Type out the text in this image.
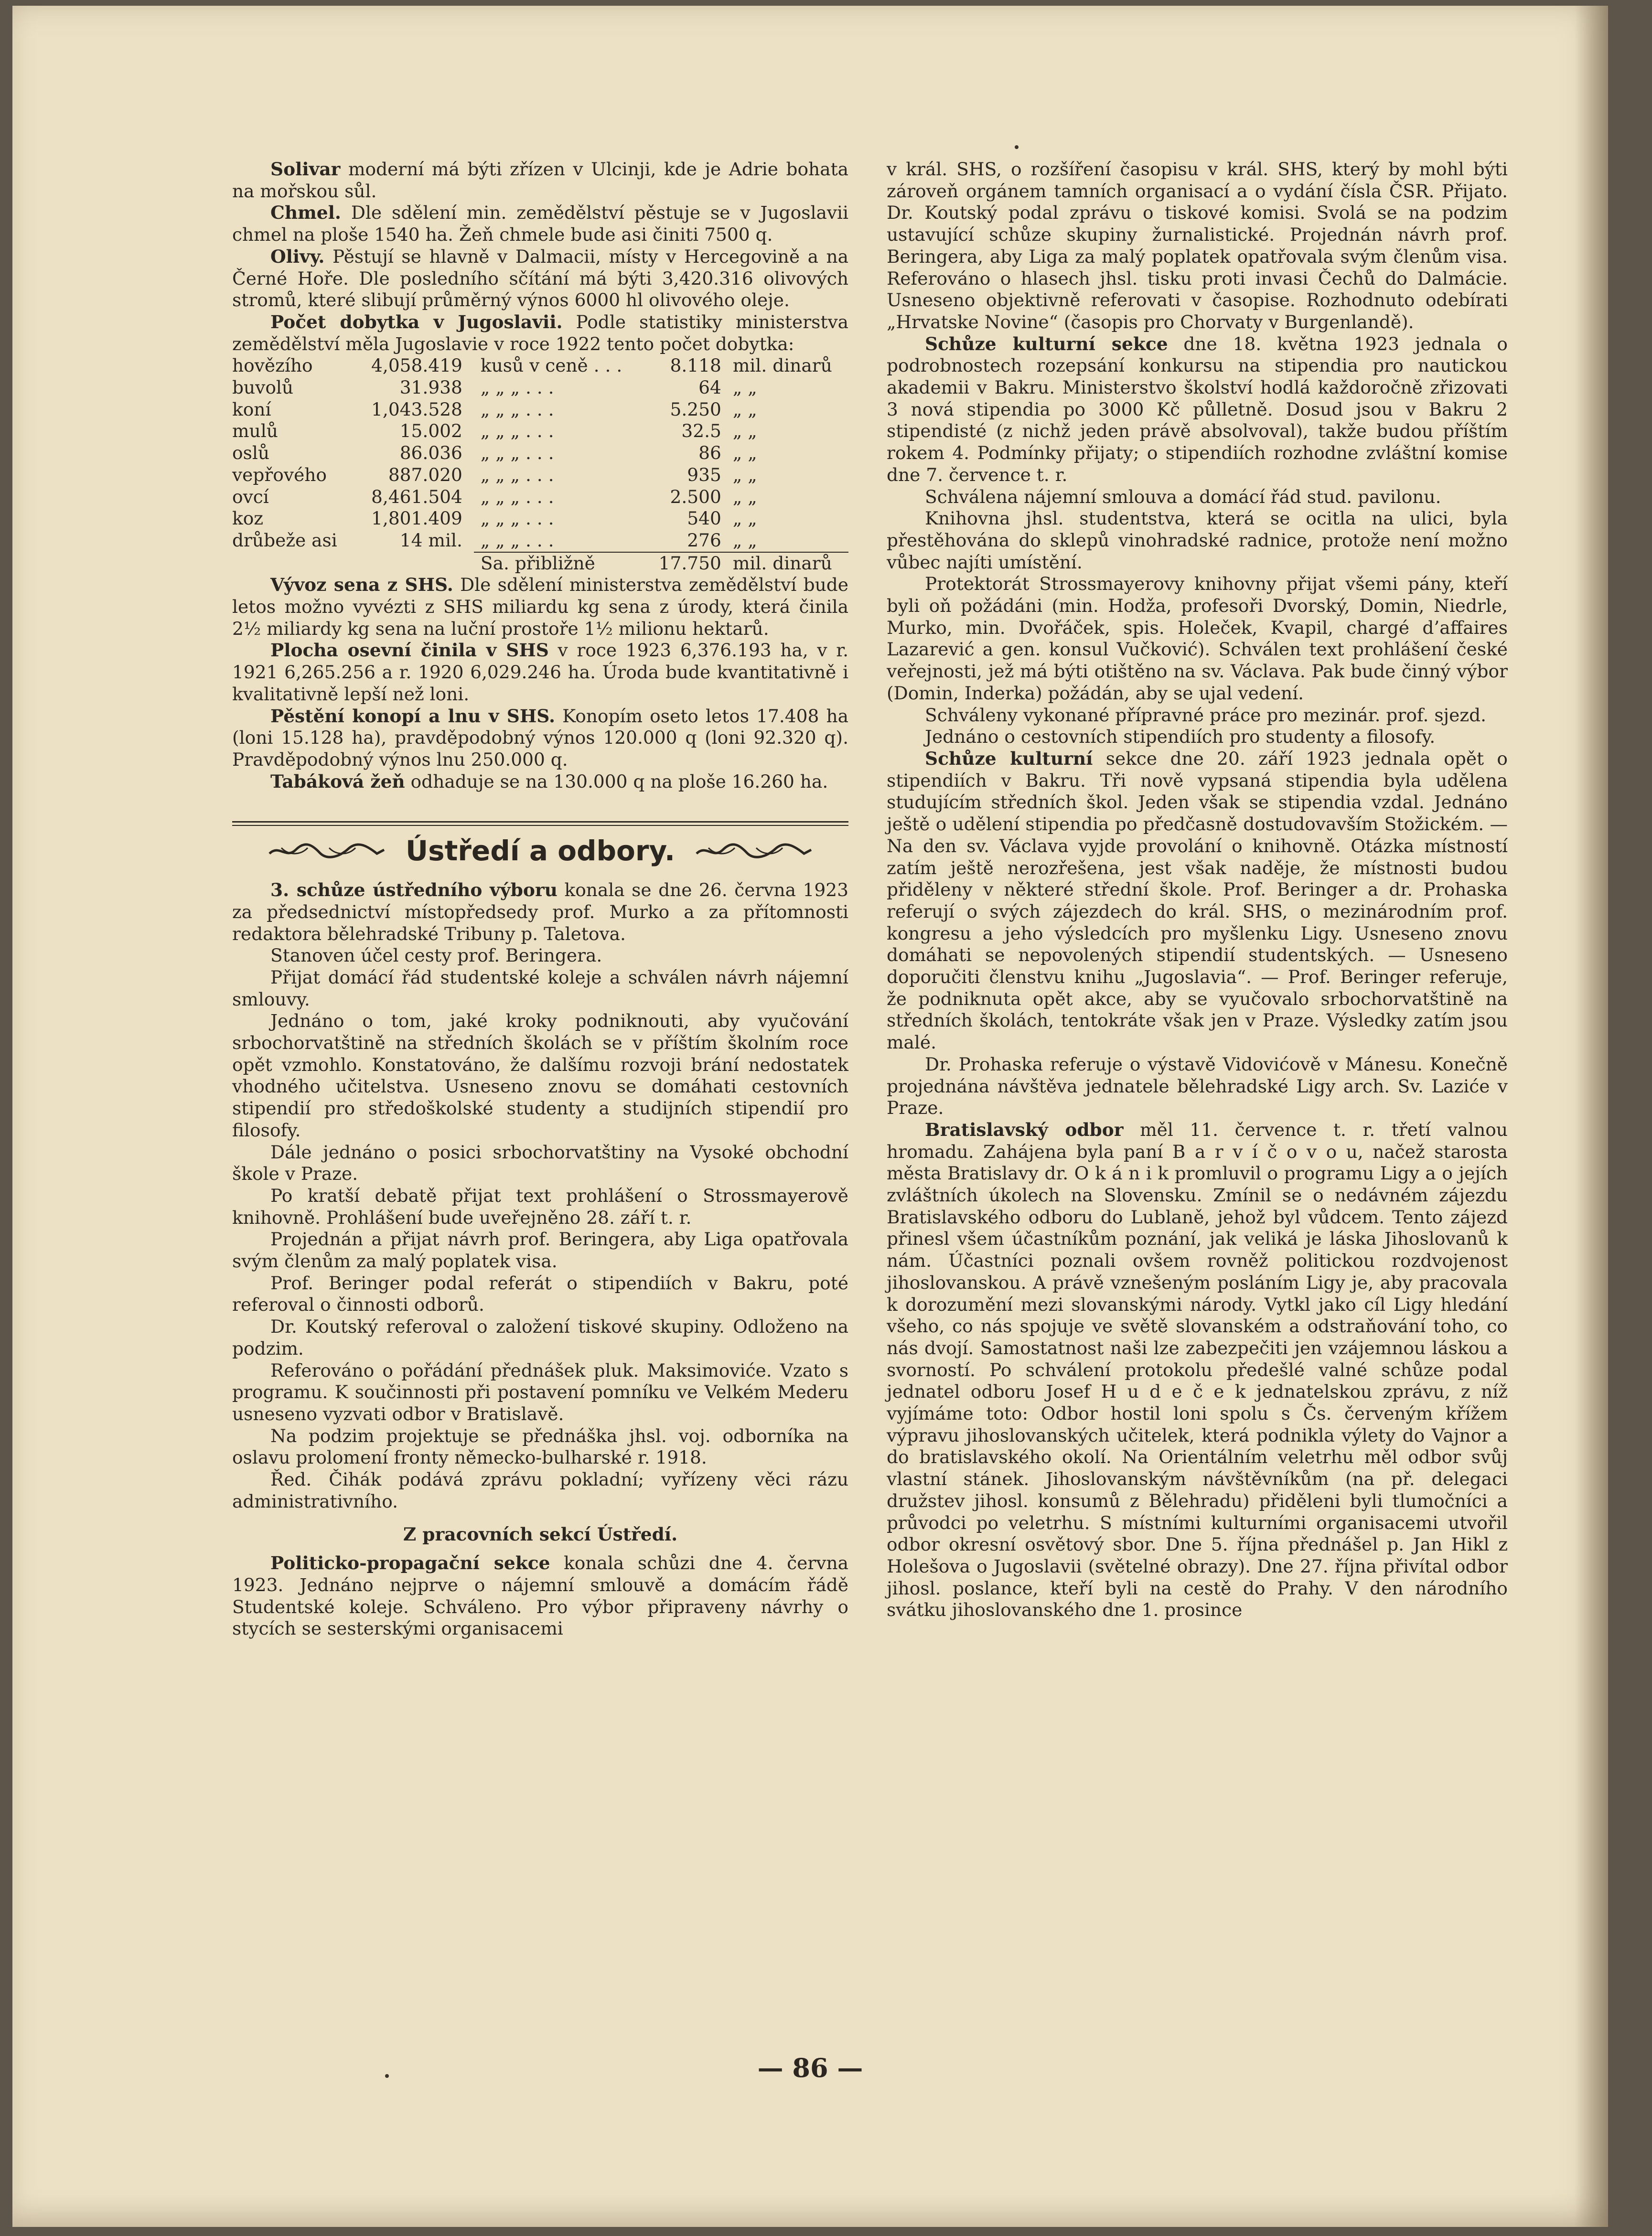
Solivar moderní má býti zřízen v Ulcinji, kde je Adrie bohata na mořskou sůl.

Chmel. Dle sdělení min. zemědělství pěstuje se v Jugoslavii chmel na ploše 1540 ha. Žeň chmele bude asi činiti 7500 q.

Olivy. Pěstují se hlavně v Dalmacii, místy v Hercegovině a na Černé Hoře. Dle posledního sčítání má býti 3,420.316 olivových stromů, které slibují průměrný výnos 6000 hl olivového oleje.

Počet dobytka v Jugoslavii. Podle statistiky ministerstva zemědělství měla Jugoslavie v roce 1922 tento počet dobytka:

hovězího	4,058.419	kusů v ceně . . .	8.118	mil. dinarů
buvolů	31.938	„ „ „ . . .	64	„ „
koní	1,043.528	„ „ „ . . .	5.250	„ „
mulů	15.002	„ „ „ . . .	32.5	„ „
oslů	86.036	„ „ „ . . .	86	„ „
vepřového	887.020	„ „ „ . . .	935	„ „
ovcí	8,461.504	„ „ „ . . .	2.500	„ „
koz	1,801.409	„ „ „ . . .	540	„ „
drůbeže asi	14 mil.	„ „ „ . . .	276	„ „
		Sa. přibližně	17.750	mil. dinarů

Vývoz sena z SHS. Dle sdělení ministerstva zemědělství bude letos možno vyvézti z SHS miliardu kg sena z úrody, která činila 2½ miliardy kg sena na luční prostoře 1½ milionu hektarů.

Plocha osevní činila v SHS v roce 1923 6,376.193 ha, v r. 1921 6,265.256 a r. 1920 6,029.246 ha. Úroda bude kvantitativně i kvalitativně lepší než loni.

Pěstění konopí a lnu v SHS. Konopím oseto letos 17.408 ha (loni 15.128 ha), pravděpodobný výnos 120.000 q (loni 92.320 q). Pravděpodobný výnos lnu 250.000 q.

Tabáková žeň odhaduje se na 130.000 q na ploše 16.260 ha.

Ústředí a odbory.

3. schůze ústředního výboru konala se dne 26. června 1923 za předsednictví místopředsedy prof. Murko a za přítomnosti redaktora bělehradské Tribuny p. Taletova.

Stanoven účel cesty prof. Beringera.

Přijat domácí řád studentské koleje a schválen návrh nájemní smlouvy.

Jednáno o tom, jaké kroky podniknouti, aby vyučování srbochorvatštině na středních školách se v příštím školním roce opět vzmohlo. Konstatováno, že dalšímu rozvoji brání nedostatek vhodného učitelstva. Usneseno znovu se domáhati cestovních stipendií pro středoškolské studenty a studijních stipendií pro filosofy.

Dále jednáno o posici srbochorvatštiny na Vysoké obchodní škole v Praze.

Po kratší debatě přijat text prohlášení o Strossmayerově knihovně. Prohlášení bude uveřejněno 28. září t. r.

Projednán a přijat návrh prof. Beringera, aby Liga opatřovala svým členům za malý poplatek visa.

Prof. Beringer podal referát o stipendiích v Bakru, poté referoval o činnosti odborů.

Dr. Koutský referoval o založení tiskové skupiny. Odloženo na podzim.

Referováno o pořádání přednášek pluk. Maksimoviće. Vzato s programu. K součinnosti při postavení pomníku ve Velkém Mederu usneseno vyzvati odbor v Bratislavě.

Na podzim projektuje se přednáška jhsl. voj. odborníka na oslavu prolomení fronty německo-bulharské r. 1918.

Řed. Čihák podává zprávu pokladní; vyřízeny věci rázu administrativního.

Z pracovních sekcí Ústředí.

Politicko-propagační sekce konala schůzi dne 4. června 1923. Jednáno nejprve o nájemní smlouvě a domácím řádě Studentské koleje. Schváleno. Pro výbor připraveny návrhy o stycích se sesterskými organisacemi

v král. SHS, o rozšíření časopisu v král. SHS, který by mohl býti zároveň orgánem tamních organisací a o vydání čísla ČSR. Přijato. Dr. Koutský podal zprávu o tiskové komisi. Svolá se na podzim ustavující schůze skupiny žurnalistické. Projednán návrh prof. Beringera, aby Liga za malý poplatek opatřovala svým členům visa. Referováno o hlasech jhsl. tisku proti invasi Čechů do Dalmácie. Usneseno objektivně referovati v časopise. Rozhodnuto odebírati „Hrvatske Novine“ (časopis pro Chorvaty v Burgenlandě).

Schůze kulturní sekce dne 18. května 1923 jednala o podrobnostech rozepsání konkursu na stipendia pro nautickou akademii v Bakru. Ministerstvo školství hodlá každoročně zřizovati 3 nová stipendia po 3000 Kč půlletně. Dosud jsou v Bakru 2 stipendisté (z nichž jeden právě absolvoval), takže budou příštím rokem 4. Podmínky přijaty; o stipendiích rozhodne zvláštní komise dne 7. července t. r.

Schválena nájemní smlouva a domácí řád stud. pavilonu.

Knihovna jhsl. studentstva, která se ocitla na ulici, byla přestěhována do sklepů vinohradské radnice, protože není možno vůbec najíti umístění.

Protektorát Strossmayerovy knihovny přijat všemi pány, kteří byli oň požádáni (min. Hodža, profesoři Dvorský, Domin, Niedrle, Murko, min. Dvořáček, spis. Holeček, Kvapil, chargé d’affaires Lazarević a gen. konsul Vučković). Schválen text prohlášení české veřejnosti, jež má býti otištěno na sv. Václava. Pak bude činný výbor (Domin, Inderka) požádán, aby se ujal vedení.

Schváleny vykonané přípravné práce pro mezinár. prof. sjezd.

Jednáno o cestovních stipendiích pro studenty a filosofy.

Schůze kulturní sekce dne 20. září 1923 jednala opět o stipendiích v Bakru. Tři nově vypsaná stipendia byla udělena studujícím středních škol. Jeden však se stipendia vzdal. Jednáno ještě o udělení stipendia po předčasně dostudovavším Stožickém. — Na den sv. Václava vyjde provolání o knihovně. Otázka místností zatím ještě nerozřešena, jest však naděje, že místnosti budou přiděleny v některé střední škole. Prof. Beringer a dr. Prohaska referují o svých zájezdech do král. SHS, o mezinárodním prof. kongresu a jeho výsledcích pro myšlenku Ligy. Usneseno znovu domáhati se nepovolených stipendií studentských. — Usneseno doporučiti členstvu knihu „Jugoslavia“. — Prof. Beringer referuje, že podniknuta opět akce, aby se vyučovalo srbochorvatštině na středních školách, tentokráte však jen v Praze. Výsledky zatím jsou malé.

Dr. Prohaska referuje o výstavě Vidovićově v Mánesu. Konečně projednána návštěva jednatele bělehradské Ligy arch. Sv. Laziće v Praze.

Bratislavský odbor měl 11. července t. r. třetí valnou hromadu. Zahájena byla paní B a r v í č o v o u, načež starosta města Bratislavy dr. O k á n i k promluvil o programu Ligy a o jejích zvláštních úkolech na Slovensku. Zmínil se o nedávném zájezdu Bratislavského odboru do Lublaně, jehož byl vůdcem. Tento zájezd přinesl všem účastníkům poznání, jak veliká je láska Jihoslovanů k nám. Účastníci poznali ovšem rovněž politickou rozdvojenost jihoslovanskou. A právě vznešeným posláním Ligy je, aby pracovala k dorozumění mezi slovanskými národy. Vytkl jako cíl Ligy hledání všeho, co nás spojuje ve světě slovanském a odstraňování toho, co nás dvojí. Samostatnost naši lze zabezpečiti jen vzájemnou láskou a svorností. Po schválení protokolu předešlé valné schůze podal jednatel odboru Josef H u d e č e k jednatelskou zprávu, z níž vyjímáme toto: Odbor hostil loni spolu s Čs. červeným křížem výpravu jihoslovanských učitelek, která podnikla výlety do Vajnor a do bratislavského okolí. Na Orientálním veletrhu měl odbor svůj vlastní stánek. Jihoslovanským návštěvníkům (na př. delegaci družstev jihosl. konsumů z Bělehradu) přiděleni byli tlumočníci a průvodci po veletrhu. S místními kulturními organisacemi utvořil odbor okresní osvětový sbor. Dne 5. října přednášel p. Jan Hikl z Holešova o Jugoslavii (světelné obrazy). Dne 27. října přivítal odbor jihosl. poslance, kteří byli na cestě do Prahy. V den národního svátku jihoslovanského dne 1. prosince

— 86 —
